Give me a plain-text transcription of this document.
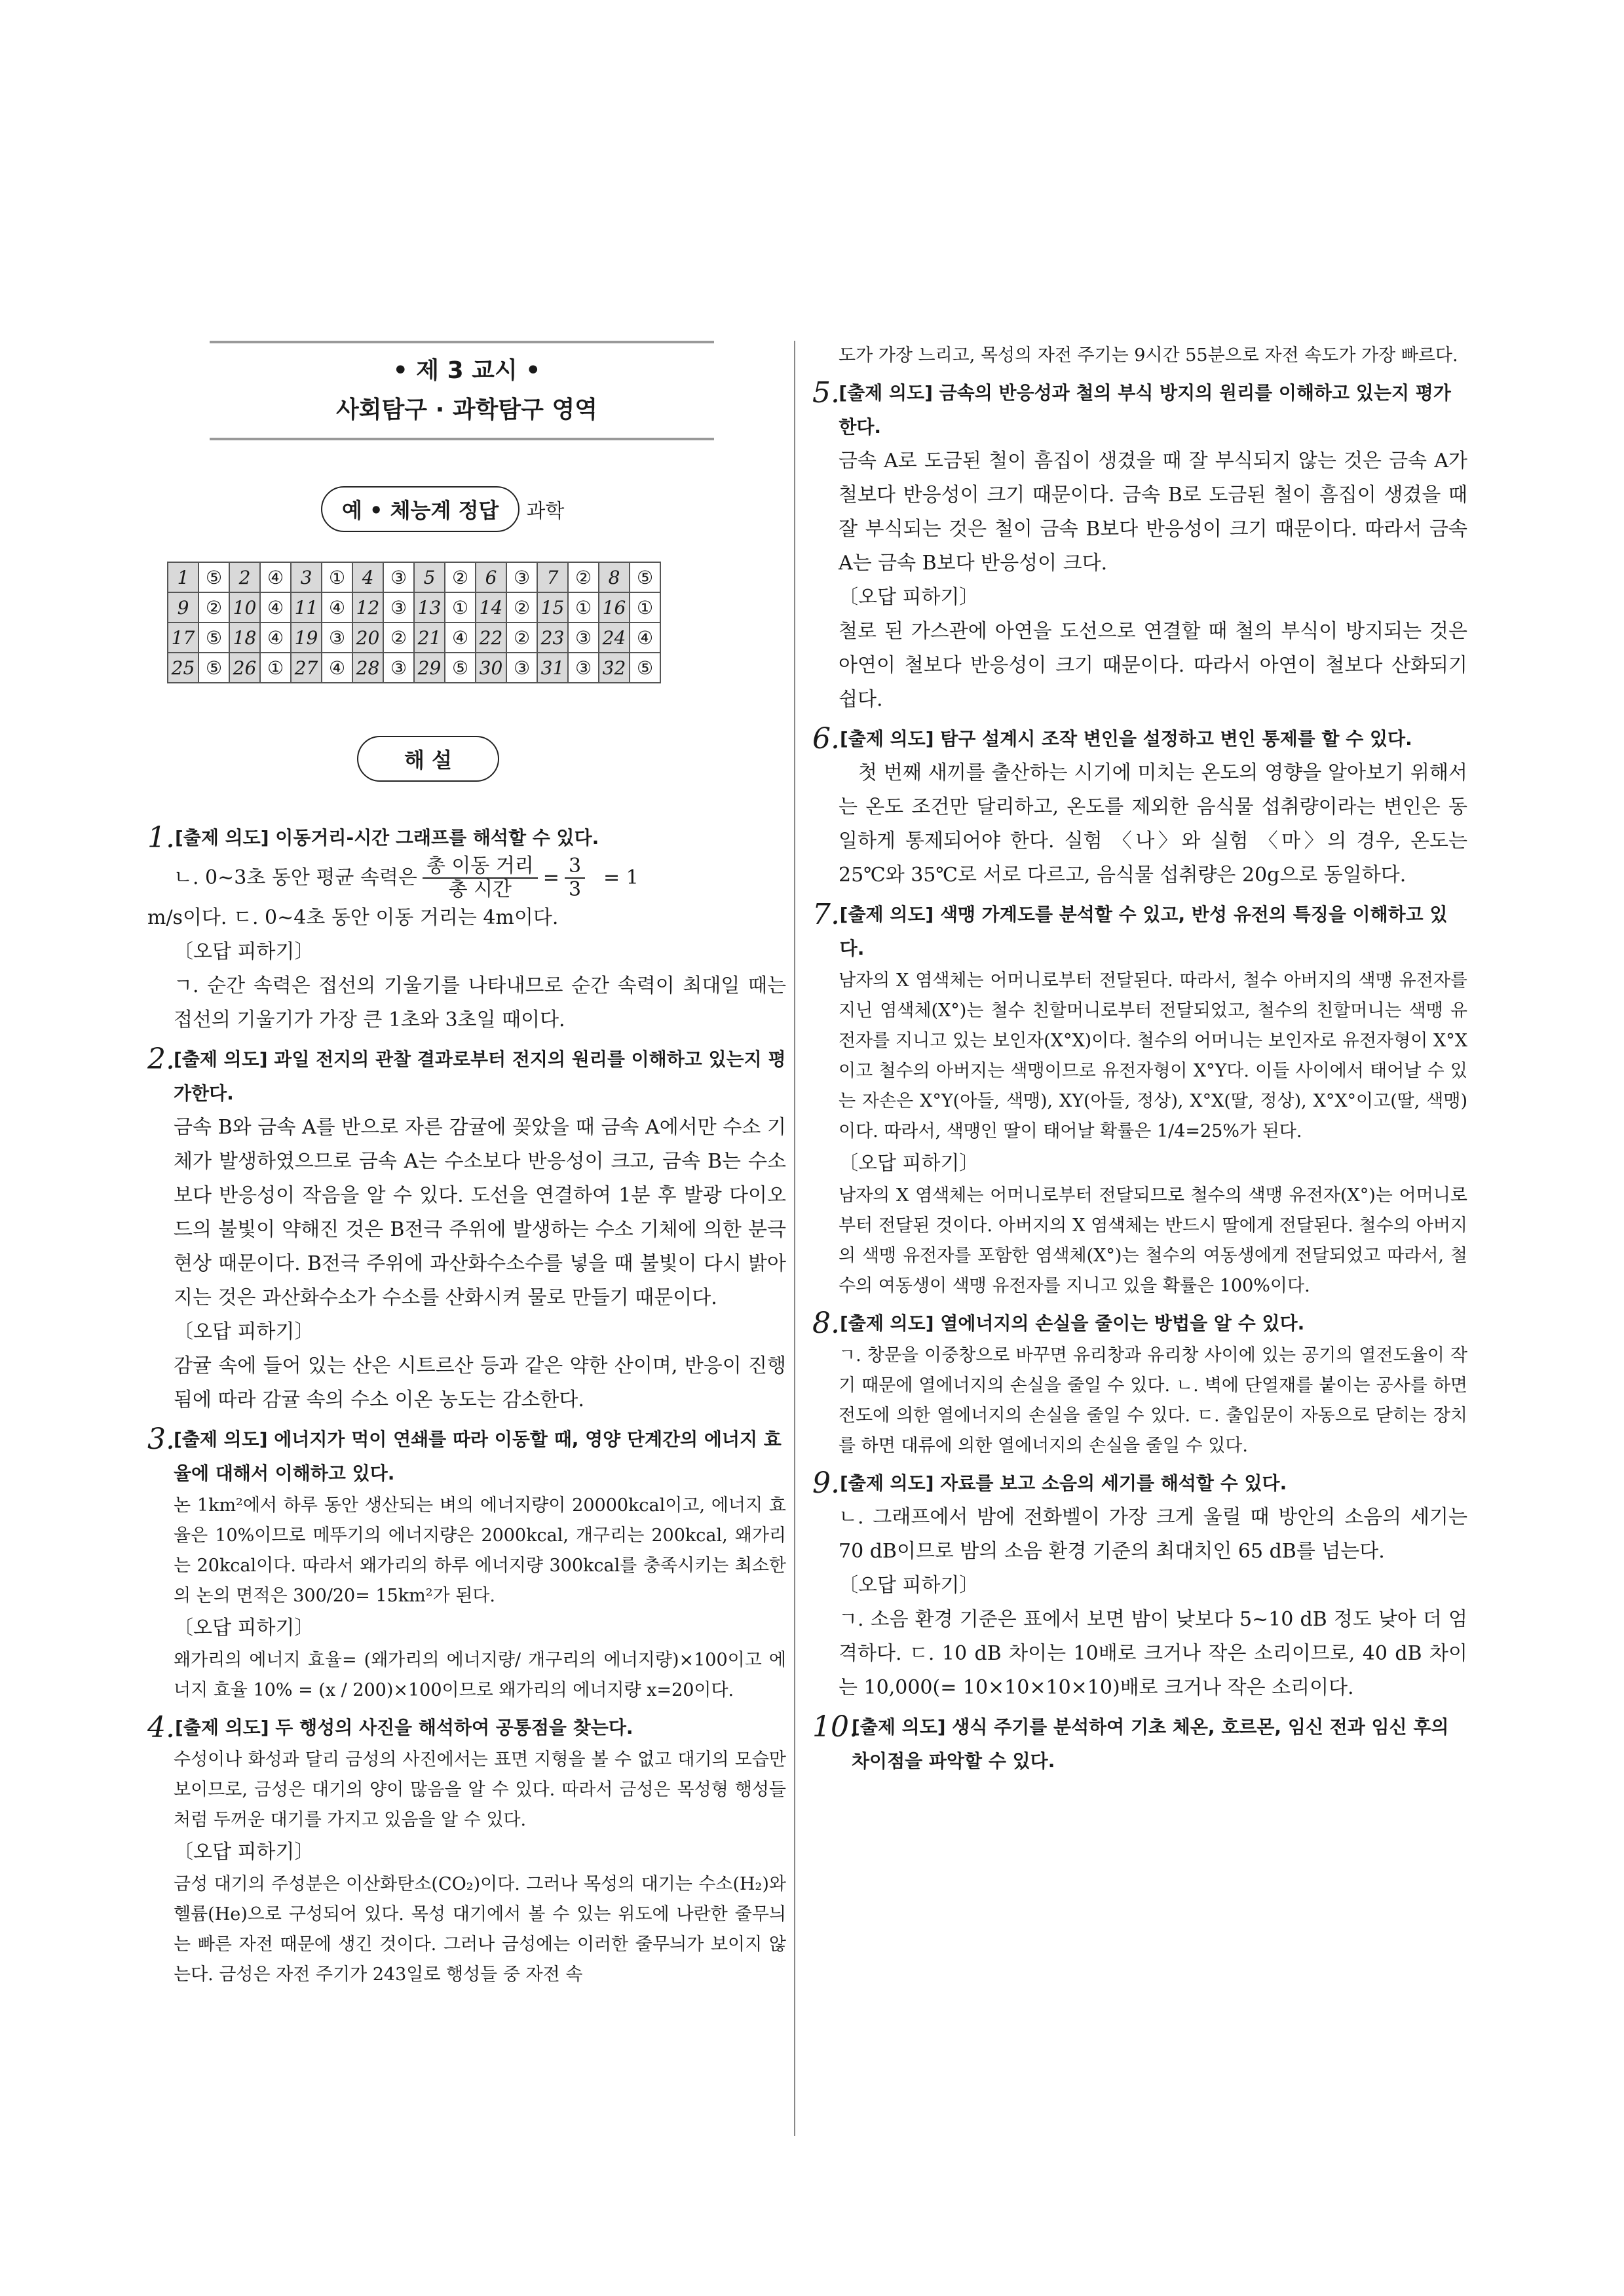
• 제 3 교시 •
사회탐구 · 과학탐구 영역
예 • 체능계 정답	과학
1	⑤	2	④	3	①	4	③	5	②	6	③	7	②	8	⑤
9	②	10	④	11	④	12	③	13	①	14	②	15	①	16	①
17	⑤	18	④	19	③	20	②	21	④	22	②	23	③	24	④
25	⑤	26	①	27	④	28	③	29	⑤	30	③	31	③	32	⑤
해 설
1. [출제 의도] 이동거리-시간 그래프를 해석할 수 있다.

ㄴ. 0~3초 동안 평균 속력은 $\frac{\text{총 이동 거리}}{\text{총 시간}} = \frac{3}{3} = 1$

m/s이다. ㄷ. 0~4초 동안 이동 거리는 4m이다.

〔오답 피하기〕

ㄱ. 순간 속력은 접선의 기울기를 나타내므로 순간 속력이 최대일 때는 접선의 기울기가 가장 큰 1초와 3초일 때이다.

2.
[출제 의도] 과일 전지의 관찰 결과로부터 전지의 원리를 이해하고 있는지 평가한다.

금속 B와 금속 A를 반으로 자른 감귤에 꽂았을 때 금속 A에서만 수소 기체가 발생하였으므로 금속 A는 수소보다 반응성이 크고, 금속 B는 수소보다 반응성이 작음을 알 수 있다. 도선을 연결하여 1분 후 발광 다이오드의 불빛이 약해진 것은 B전극 주위에 발생하는 수소 기체에 의한 분극 현상 때문이다. B전극 주위에 과산화수소수를 넣을 때 불빛이 다시 밝아지는 것은 과산화수소가 수소를 산화시켜 물로 만들기 때문이다.

〔오답 피하기〕

감귤 속에 들어 있는 산은 시트르산 등과 같은 약한 산이며, 반응이 진행됨에 따라 감귤 속의 수소 이온 농도는 감소한다.

3.
[출제 의도] 에너지가 먹이 연쇄를 따라 이동할 때, 영양 단계간의 에너지 효율에 대해서 이해하고 있다.

논 1km²에서 하루 동안 생산되는 벼의 에너지량이 20000kcal이고, 에너지 효율은 10%이므로 메뚜기의 에너지량은 2000kcal, 개구리는 200kcal, 왜가리는 20kcal이다. 따라서 왜가리의 하루 에너지량 300kcal를 충족시키는 최소한의 논의 면적은 300/20= 15km²가 된다.

〔오답 피하기〕

왜가리의 에너지 효율= (왜가리의 에너지량/ 개구리의 에너지량)×100이고 에너지 효율 10% = (x / 200)×100이므로 왜가리의 에너지량 x=20이다.

4. [출제 의도] 두 행성의 사진을 해석하여 공통점을 찾는다.

수성이나 화성과 달리 금성의 사진에서는 표면 지형을 볼 수 없고 대기의 모습만 보이므로, 금성은 대기의 양이 많음을 알 수 있다. 따라서 금성은 목성형 행성들처럼 두꺼운 대기를 가지고 있음을 알 수 있다.

〔오답 피하기〕

금성 대기의 주성분은 이산화탄소(CO₂)이다. 그러나 목성의 대기는 수소(H₂)와 헬륨(He)으로 구성되어 있다. 목성 대기에서 볼 수 있는 위도에 나란한 줄무늬는 빠른 자전 때문에 생긴 것이다. 그러나 금성에는 이러한 줄무늬가 보이지 않는다. 금성은 자전 주기가 243일로 행성들 중 자전 속

도가 가장 느리고, 목성의 자전 주기는 9시간 55분으로 자전 속도가 가장 빠르다.

5.
[출제 의도] 금속의 반응성과 철의 부식 방지의 원리를 이해하고 있는지 평가한다.

금속 A로 도금된 철이 흠집이 생겼을 때 잘 부식되지 않는 것은 금속 A가 철보다 반응성이 크기 때문이다. 금속 B로 도금된 철이 흠집이 생겼을 때 잘 부식되는 것은 철이 금속 B보다 반응성이 크기 때문이다. 따라서 금속 A는 금속 B보다 반응성이 크다.

〔오답 피하기〕

철로 된 가스관에 아연을 도선으로 연결할 때 철의 부식이 방지되는 것은 아연이 철보다 반응성이 크기 때문이다. 따라서 아연이 철보다 산화되기 쉽다.

6. [출제 의도] 탐구 설계시 조작 변인을 설정하고 변인 통제를 할 수 있다.

첫 번째 새끼를 출산하는 시기에 미치는 온도의 영향을 알아보기 위해서는 온도 조건만 달리하고, 온도를 제외한 음식물 섭취량이라는 변인은 동일하게 통제되어야 한다. 실험 〈나〉와 실험 〈마〉의 경우, 온도는 25℃와 35℃로 서로 다르고, 음식물 섭취량은 20g으로 동일하다.

7. [출제 의도] 색맹 가계도를 분석할 수 있고, 반성 유전의 특징을 이해하고 있다.

남자의 X 염색체는 어머니로부터 전달된다. 따라서, 철수 아버지의 색맹 유전자를 지닌 염색체(X°)는 철수 친할머니로부터 전달되었고, 철수의 친할머니는 색맹 유전자를 지니고 있는 보인자(X°X)이다. 철수의 어머니는 보인자로 유전자형이 X°X이고 철수의 아버지는 색맹이므로 유전자형이 X°Y다. 이들 사이에서 태어날 수 있는 자손은 X°Y(아들, 색맹), XY(아들, 정상), X°X(딸, 정상), X°X°이고(딸, 색맹)이다. 따라서, 색맹인 딸이 태어날 확률은 1/4=25%가 된다.

〔오답 피하기〕

남자의 X 염색체는 어머니로부터 전달되므로 철수의 색맹 유전자(X°)는 어머니로부터 전달된 것이다. 아버지의 X 염색체는 반드시 딸에게 전달된다. 철수의 아버지의 색맹 유전자를 포함한 염색체(X°)는 철수의 여동생에게 전달되었고 따라서, 철수의 여동생이 색맹 유전자를 지니고 있을 확률은 100%이다.

8. [출제 의도] 열에너지의 손실을 줄이는 방법을 알 수 있다.

ㄱ. 창문을 이중창으로 바꾸면 유리창과 유리창 사이에 있는 공기의 열전도율이 작기 때문에 열에너지의 손실을 줄일 수 있다. ㄴ. 벽에 단열재를 붙이는 공사를 하면 전도에 의한 열에너지의 손실을 줄일 수 있다. ㄷ. 출입문이 자동으로 닫히는 장치를 하면 대류에 의한 열에너지의 손실을 줄일 수 있다.

9. [출제 의도] 자료를 보고 소음의 세기를 해석할 수 있다.

ㄴ. 그래프에서 밤에 전화벨이 가장 크게 울릴 때 방안의 소음의 세기는 70 dB이므로 밤의 소음 환경 기준의 최대치인 65 dB를 넘는다.

〔오답 피하기〕

ㄱ. 소음 환경 기준은 표에서 보면 밤이 낮보다 5~10 dB 정도 낮아 더 엄격하다. ㄷ. 10 dB 차이는 10배로 크거나 작은 소리이므로, 40 dB 차이는 10,000(= 10×10×10×10)배로 크거나 작은 소리이다.

10.
[출제 의도] 생식 주기를 분석하여 기초 체온, 호르몬, 임신 전과 임신 후의 차이점을 파악할 수 있다.
